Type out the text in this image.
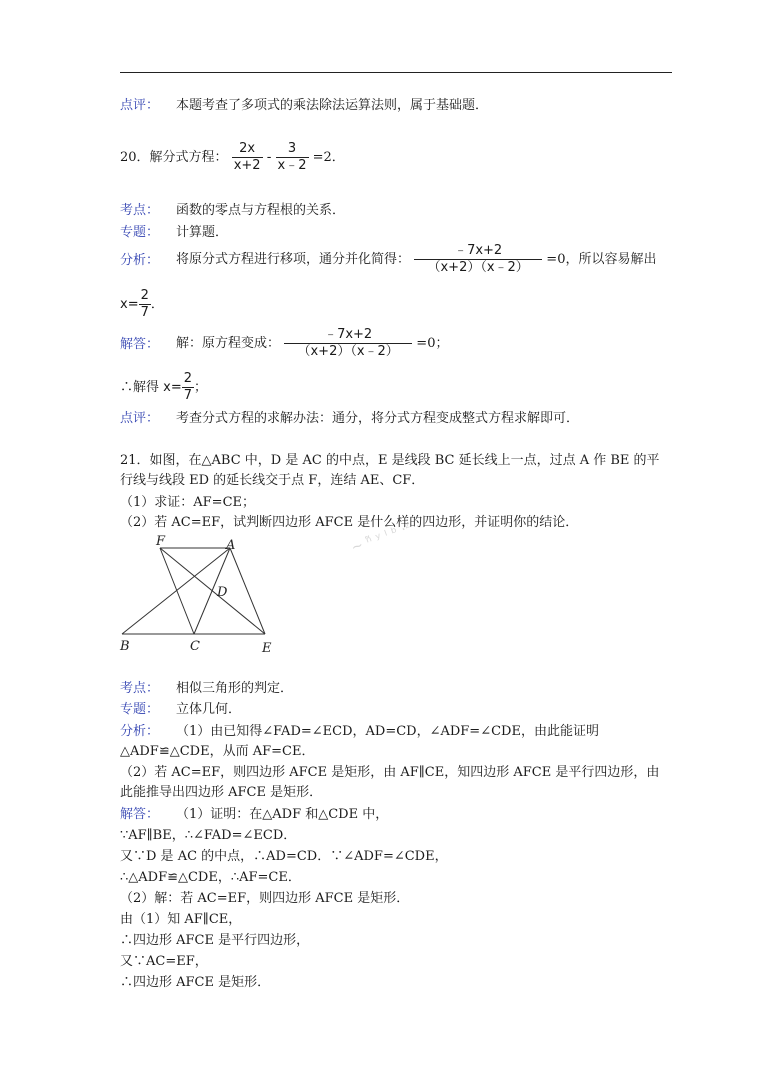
点评： 本题考查了多项式的乘法除法运算法则，属于基础题．
20．解分式方程： $\frac{2x}{x+2} - \frac{3}{x﹣2} =2$．
考点： 函数的零点与方程根的关系．
专题： 计算题．
分析： 将原分式方程进行移项，通分并化简得： $\frac{﹣7x+2}{(x+2)(x﹣2)} =0$，所以容易解出
$x= \frac{2}{7}$ ．
解答： 解：原方程变成： $\frac{﹣7x+2}{(x+2)(x﹣2)} =0$；
∴解得 $x= \frac{2}{7}$ ；
点评： 考查分式方程的求解办法：通分，将分式方程变成整式方程求解即可．
21．如图，在△ABC 中，D 是 AC 的中点，E 是线段 BC 延长线上一点，过点 A 作 BE 的平
行线与线段 ED 的延长线交于点 F，连结 AE、CF．
（1）求证：AF=CE；
（2）若 AC=EF，试判断四边形 AFCE 是什么样的四边形，并证明你的结论．
~ ⁿ̃ ʸ ˡ ᵇ ·ᶻ
F	A
D
B	C	E
考点： 相似三角形的判定．
专题： 立体几何．
分析： （1）由已知得∠FAD=∠ECD，AD=CD，∠ADF=∠CDE，由此能证明
△ADF≌△CDE，从而 AF=CE．
（2）若 AC=EF，则四边形 AFCE 是矩形，由 AF∥CE，知四边形 AFCE 是平行四边形，由
此能推导出四边形 AFCE 是矩形．
解答： （1）证明：在△ADF 和△CDE 中，
∵AF∥BE，∴∠FAD=∠ECD．
又∵D 是 AC 的中点，∴AD=CD．∵∠ADF=∠CDE，
∴△ADF≌△CDE，∴AF=CE．
（2）解：若 AC=EF，则四边形 AFCE 是矩形．
由（1）知 AF∥CE，
∴四边形 AFCE 是平行四边形，
又∵AC=EF，
∴四边形 AFCE 是矩形．
